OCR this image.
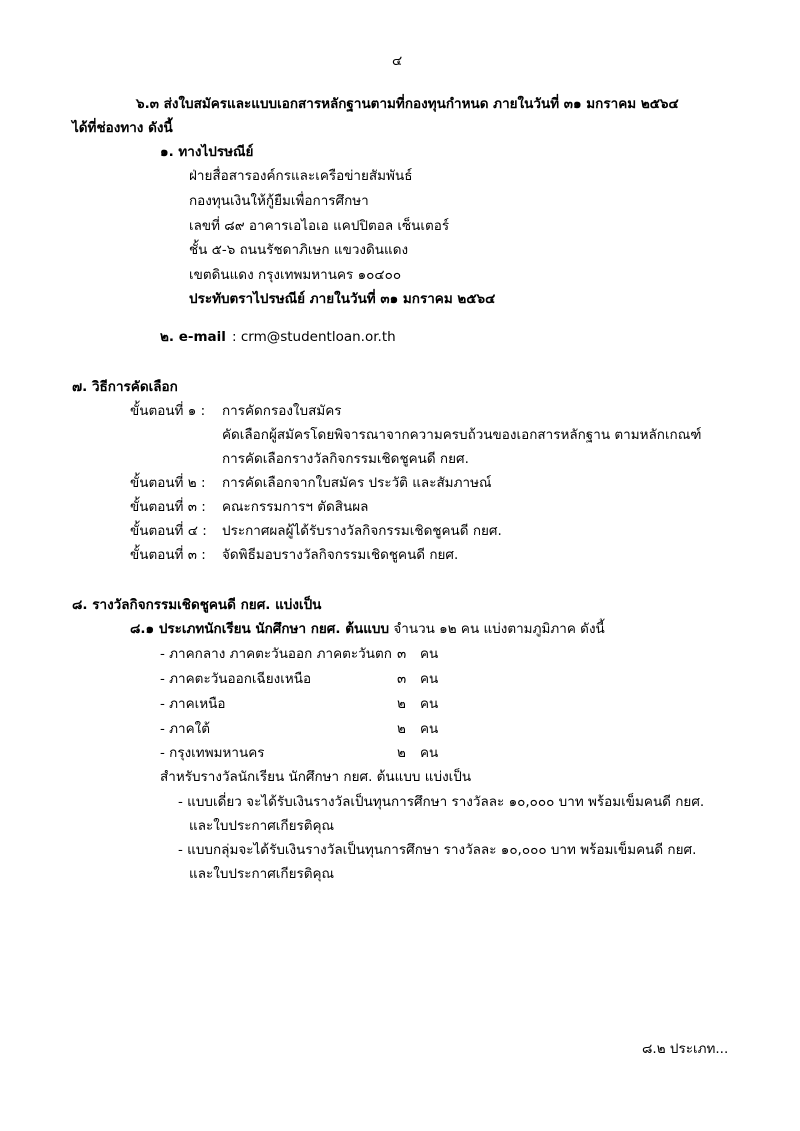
๔
๖.๓ ส่งใบสมัครและแบบเอกสารหลักฐานตามที่กองทุนกำหนด ภายในวันที่ ๓๑ มกราคม ๒๕๖๔
ได้ที่ช่องทาง ดังนี้
๑. ทางไปรษณีย์
ฝ่ายสื่อสารองค์กรและเครือข่ายสัมพันธ์
กองทุนเงินให้กู้ยืมเพื่อการศึกษา
เลขที่ ๘๙ อาคารเอไอเอ แคปปิตอล เซ็นเตอร์
ชั้น ๕-๖ ถนนรัชดาภิเษก แขวงดินแดง
เขตดินแดง กรุงเทพมหานคร ๑๐๔๐๐
ประทับตราไปรษณีย์ ภายในวันที่ ๓๑ มกราคม ๒๕๖๔
๒. e-mail : crm@studentloan.or.th
๗. วิธีการคัดเลือก
ขั้นตอนที่ ๑ : การคัดกรองใบสมัคร
คัดเลือกผู้สมัครโดยพิจารณาจากความครบถ้วนของเอกสารหลักฐาน ตามหลักเกณฑ์
การคัดเลือกรางวัลกิจกรรมเชิดชูคนดี กยศ.
ขั้นตอนที่ ๒ : การคัดเลือกจากใบสมัคร ประวัติ และสัมภาษณ์
ขั้นตอนที่ ๓ : คณะกรรมการฯ ตัดสินผล
ขั้นตอนที่ ๔ : ประกาศผลผู้ได้รับรางวัลกิจกรรมเชิดชูคนดี กยศ.
ขั้นตอนที่ ๓ : จัดพิธีมอบรางวัลกิจกรรมเชิดชูคนดี กยศ.
๘. รางวัลกิจกรรมเชิดชูคนดี กยศ. แบ่งเป็น
๘.๑ ประเภทนักเรียน นักศึกษา กยศ. ต้นแบบ จำนวน ๑๒ คน แบ่งตามภูมิภาค ดังนี้
- ภาคกลาง ภาคตะวันออก ภาคตะวันตก ๓ คน
- ภาคตะวันออกเฉียงเหนือ	๓ คน
- ภาคเหนือ	๒ คน
- ภาคใต้	๒ คน
- กรุงเทพมหานคร	๒ คน
สำหรับรางวัลนักเรียน นักศึกษา กยศ. ต้นแบบ แบ่งเป็น
- แบบเดี่ยว จะได้รับเงินรางวัลเป็นทุนการศึกษา รางวัลละ ๑๐,๐๐๐ บาท พร้อมเข็มคนดี กยศ.
และใบประกาศเกียรติคุณ
- แบบกลุ่มจะได้รับเงินรางวัลเป็นทุนการศึกษา รางวัลละ ๑๐,๐๐๐ บาท พร้อมเข็มคนดี กยศ.
และใบประกาศเกียรติคุณ
๘.๒ ประเภท...
